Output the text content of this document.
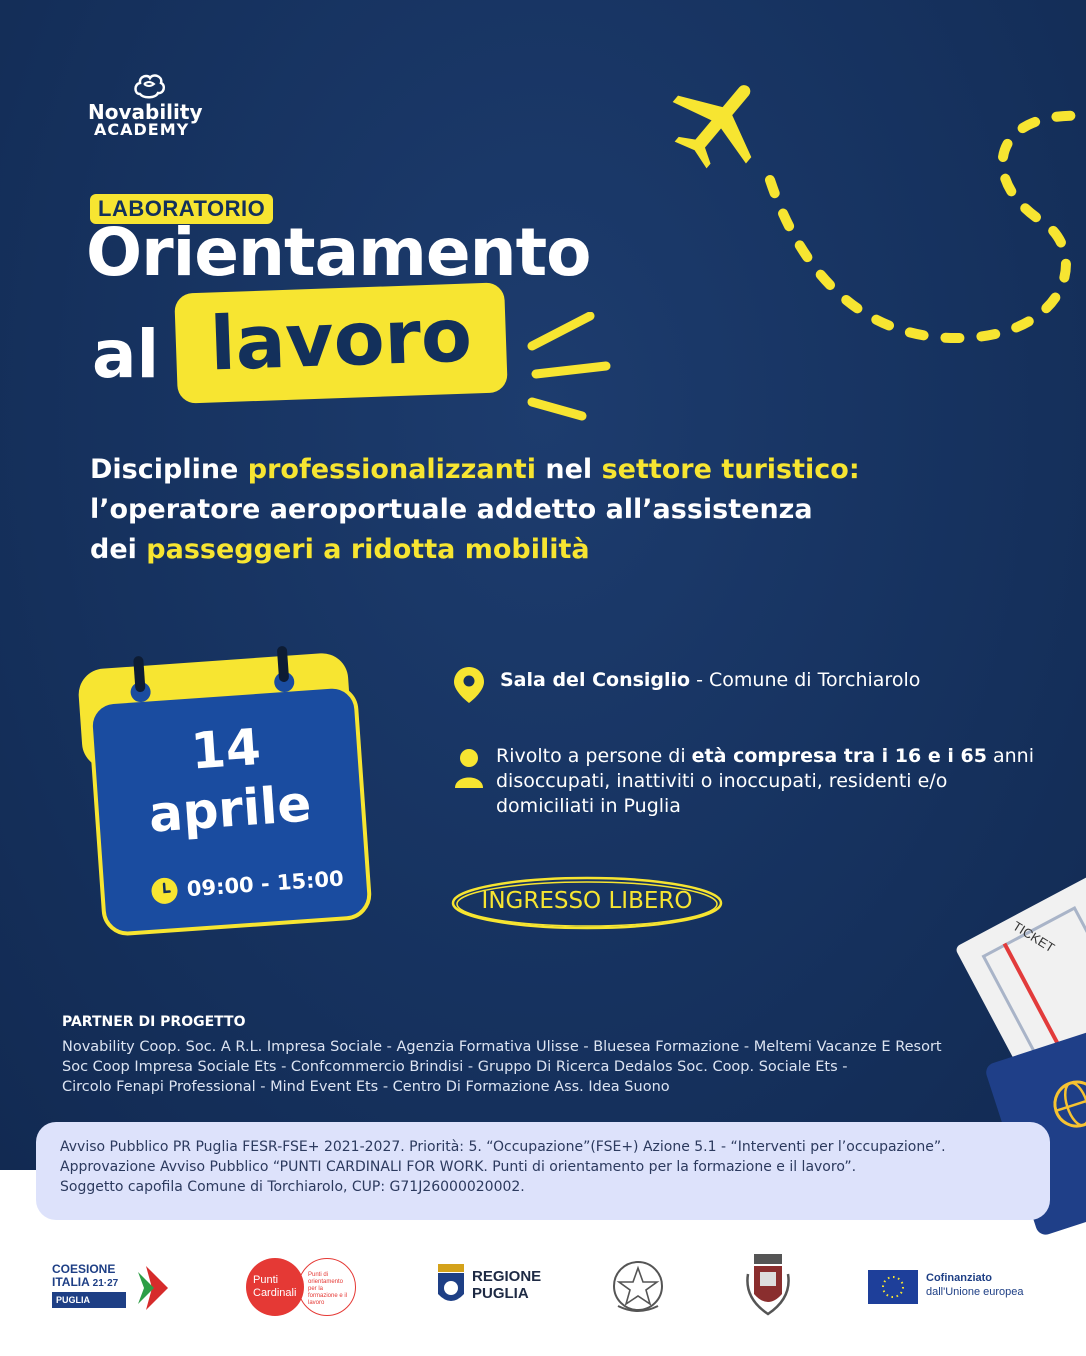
Novability
ACADEMY
LABORATORIO
Orientamento
al lavoro
Discipline professionalizzanti nel settore turistico:
l’operatore aeroportuale addetto all’assistenza
dei passeggeri a ridotta mobilità
14
aprile
09:00 - 15:00
Sala del Consiglio - Comune di Torchiarolo
Rivolto a persone di età compresa tra i 16 e i 65 anni
disoccupati, inattiviti o inoccupati, residenti e/o
domiciliati in Puglia
INGRESSO LIBERO
TICKET
PARTNER DI PROGETTO
Novability Coop. Soc. A R.L. Impresa Sociale - Agenzia Formativa Ulisse - Bluesea Formazione - Meltemi Vacanze E Resort
Soc Coop Impresa Sociale Ets - Confcommercio Brindisi - Gruppo Di Ricerca Dedalos Soc. Coop. Sociale Ets -
Circolo Fenapi Professional - Mind Event Ets - Centro Di Formazione Ass. Idea Suono
Avviso Pubblico PR Puglia FESR-FSE+ 2021-2027. Priorità: 5. “Occupazione”(FSE+) Azione 5.1 - “Interventi per l’occupazione”.
Approvazione Avviso Pubblico “PUNTI CARDINALI FOR WORK. Punti di orientamento per la formazione e il lavoro”.
Soggetto capofila Comune di Torchiarolo, CUP: G71J26000020002.
COESIONE
ITALIA 21·27
PUGLIA
Punti
Cardinali
Punti di orientamento per la formazione e il lavoro
REGIONE
PUGLIA
Cofinanziato
dall'Unione europea
